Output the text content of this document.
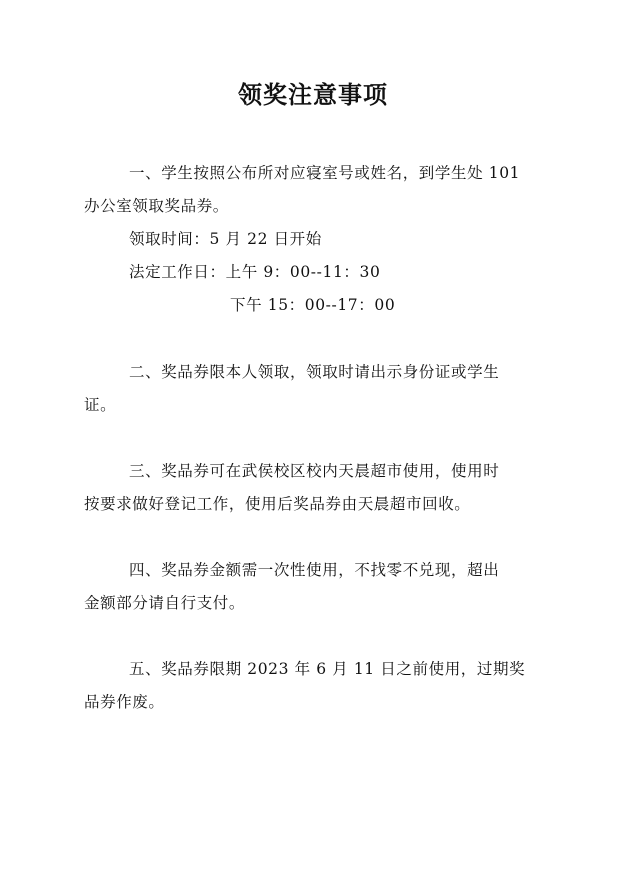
领奖注意事项
一、学生按照公布所对应寝室号或姓名，到学生处 101
办公室领取奖品券。
领取时间：5 月 22 日开始
法定工作日：上午 9：00--11：30
下午 15：00--17：00
二、奖品券限本人领取，领取时请出示身份证或学生
证。
三、奖品券可在武侯校区校内天晨超市使用，使用时
按要求做好登记工作，使用后奖品券由天晨超市回收。
四、奖品券金额需一次性使用，不找零不兑现，超出
金额部分请自行支付。
五、奖品券限期 2023 年 6 月 11 日之前使用，过期奖
品券作废。
